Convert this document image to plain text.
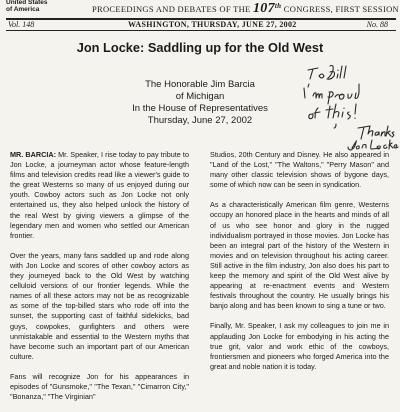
United States
of America	PROCEEDINGS AND DEBATES OF THE 107th CONGRESS, FIRST SESSION
Vol. 148	WASHINGTON, THURSDAY, JUNE 27, 2002	No. 88
Jon Locke: Saddling up for the Old West
The Honorable Jim Barcia
of Michigan
In the House of Representatives
Thursday, June 27, 2002

MR. BARCIA: Mr. Speaker, I rise today to pay tribute to Jon Locke, a journeyman actor whose feature-length films and television credits read like a viewer's guide to the great Westerns so many of us enjoyed during our youth. Cowboy actors such as Jon Locke not only entertained us, they also helped unlock the history of the real West by giving viewers a glimpse of the legendary men and women who settled our American frontier.

Over the years, many fans saddled up and rode along with Jon Locke and scores of other cowboy actors as they journeyed back to the Old West by watching celluloid versions of our frontier legends. While the names of all these actors may not be as recognizable as some of the top-billed stars who rode off into the sunset, the supporting cast of faithful sidekicks, bad guys, cowpokes, gunfighters and others were unmistakable and essential to the Western myths that have become such an important part of our American culture.

Fans will recognize Jon for his appearances in episodes of "Gunsmoke," "The Texan," "Cimarron City," "Bonanza," "The Virginian"

Studios, 20th Century and Disney. He also appeared in "Land of the Lost," "The Waltons," "Perry Mason" and many other classic television shows of bygone days, some of which now can be seen in syndication.

As a characteristically American film genre, Westerns occupy an honored place in the hearts and minds of all of us who see honor and glory in the rugged individualism portrayed in those movies. Jon Locke has been an integral part of the history of the Western in movies and on television throughout his acting career. Still active in the film industry, Jon also does his part to keep the memory and spirit of the Old West alive by appearing at re-enactment events and Western festivals throughout the country. He usually brings his banjo along and has been known to sing a tune or two.

Finally, Mr. Speaker, I ask my colleagues to join me in applauding Jon Locke for embodying in his acting the true grit, valor and work ethic of the cowboys, frontiersmen and pioneers who forged America into the great and noble nation it is today.
